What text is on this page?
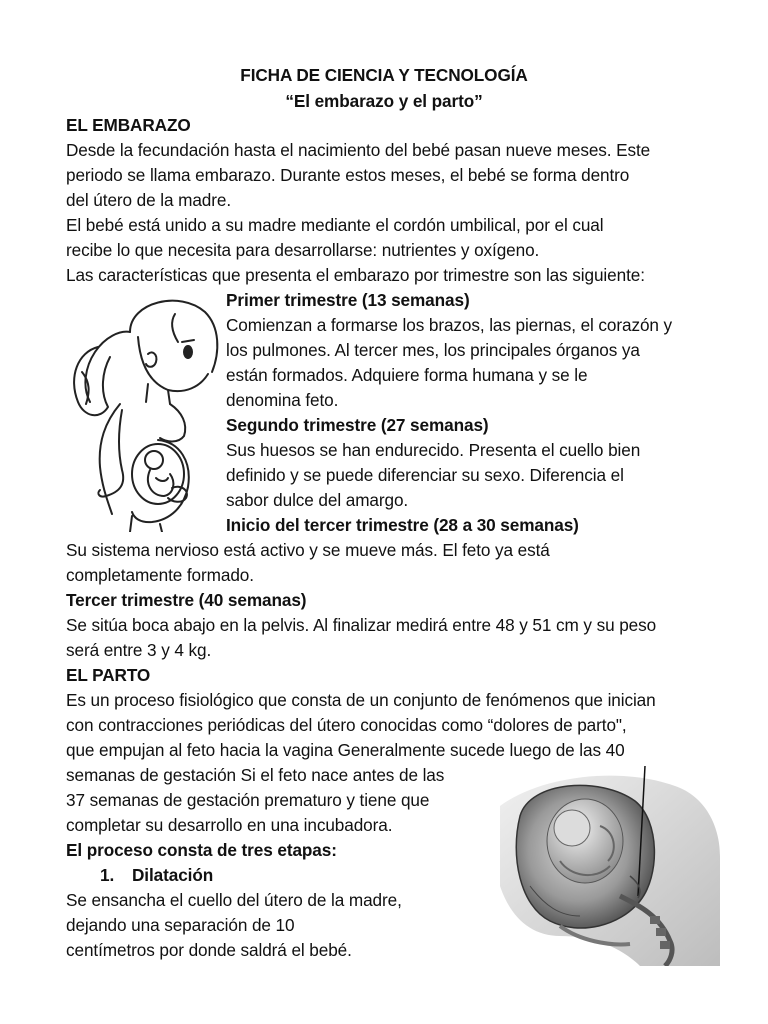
FICHA DE CIENCIA Y TECNOLOGÍA
“El embarazo y el parto”
EL EMBARAZO
Desde la fecundación hasta el nacimiento del bebé pasan nueve meses. Este
periodo se llama embarazo. Durante estos meses, el bebé se forma dentro
del útero de la madre.
El bebé está unido a su madre mediante el cordón umbilical, por el cual
recibe lo que necesita para desarrollarse: nutrientes y oxígeno.
Las características que presenta el embarazo por trimestre son las siguiente:
Primer trimestre (13 semanas)
Comienzan a formarse los brazos, las piernas, el corazón y
los pulmones. Al tercer mes, los principales órganos ya
están formados. Adquiere forma humana y se le
denomina feto.
Segundo trimestre (27 semanas)
Sus huesos se han endurecido. Presenta el cuello bien
definido y se puede diferenciar su sexo. Diferencia el
sabor dulce del amargo.
Inicio del tercer trimestre (28 a 30 semanas)
Su sistema nervioso está activo y se mueve más. El feto ya está
completamente formado.
Tercer trimestre (40 semanas)
Se sitúa boca abajo en la pelvis. Al finalizar medirá entre 48 y 51 cm y su peso
será entre 3 y 4 kg.
EL PARTO
Es un proceso fisiológico que consta de un conjunto de fenómenos que inician
con contracciones periódicas del útero conocidas como “dolores de parto",
que empujan al feto hacia la vagina Generalmente sucede luego de las 40
semanas de gestación Si el feto nace antes de las
37 semanas de gestación prematuro y tiene que
completar su desarrollo en una incubadora.
El proceso consta de tres etapas:
1. Dilatación
Se ensancha el cuello del útero de la madre,
dejando una separación de 10
centímetros por donde saldrá el bebé.
